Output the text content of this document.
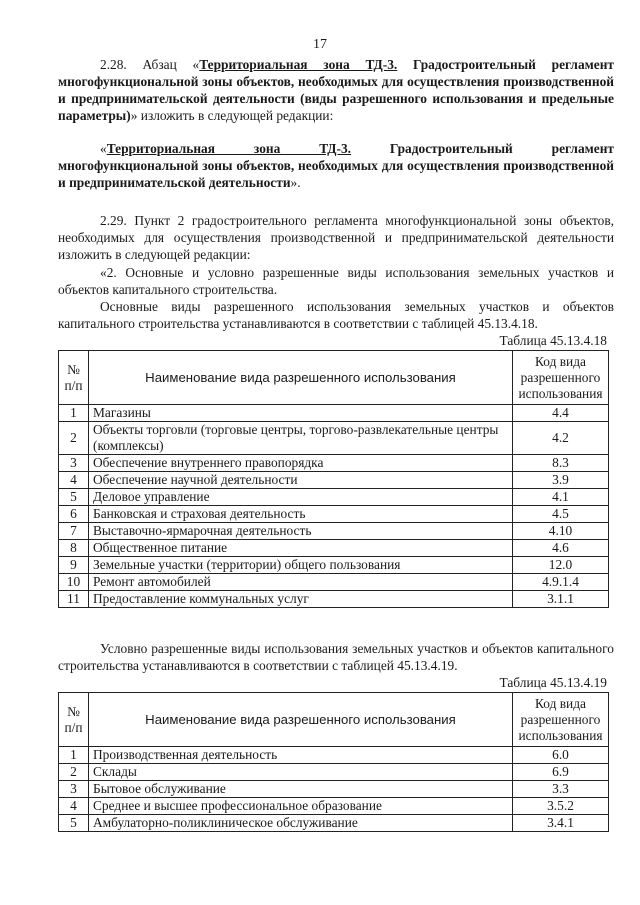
17

2.28. Абзац «Территориальная зона ТД-3. Градостроительный регламент многофункциональной зоны объектов, необходимых для осуществления производственной и предпринимательской деятельности (виды разрешенного использования и предельные параметры)» изложить в следующей редакции:

«Территориальная зона ТД-3. Градостроительный регламент многофункциональной зоны объектов, необходимых для осуществления производственной и предпринимательской деятельности».

2.29. Пункт 2 градостроительного регламента многофункциональной зоны объектов, необходимых для осуществления производственной и предпринимательской деятельности изложить в следующей редакции:

«2. Основные и условно разрешенные виды использования земельных участков и объектов капитального строительства.

Основные виды разрешенного использования земельных участков и объектов капитального строительства устанавливаются в соответствии с таблицей 45.13.4.18.

Таблица 45.13.4.18
№ п/п	Наименование вида разрешенного использования	Код вида разрешенного использования
1	Магазины	4.4
2	Объекты торговли (торговые центры, торгово-развлекательные центры (комплексы)	4.2
3	Обеспечение внутреннего правопорядка	8.3
4	Обеспечение научной деятельности	3.9
5	Деловое управление	4.1
6	Банковская и страховая деятельность	4.5
7	Выставочно-ярмарочная деятельность	4.10
8	Общественное питание	4.6
9	Земельные участки (территории) общего пользования	12.0
10	Ремонт автомобилей	4.9.1.4
11	Предоставление коммунальных услуг	3.1.1

Условно разрешенные виды использования земельных участков и объектов капитального строительства устанавливаются в соответствии с таблицей 45.13.4.19.

Таблица 45.13.4.19
№ п/п	Наименование вида разрешенного использования	Код вида разрешенного использования
1	Производственная деятельность	6.0
2	Склады	6.9
3	Бытовое обслуживание	3.3
4	Среднее и высшее профессиональное образование	3.5.2
5	Амбулаторно-поликлиническое обслуживание	3.4.1
